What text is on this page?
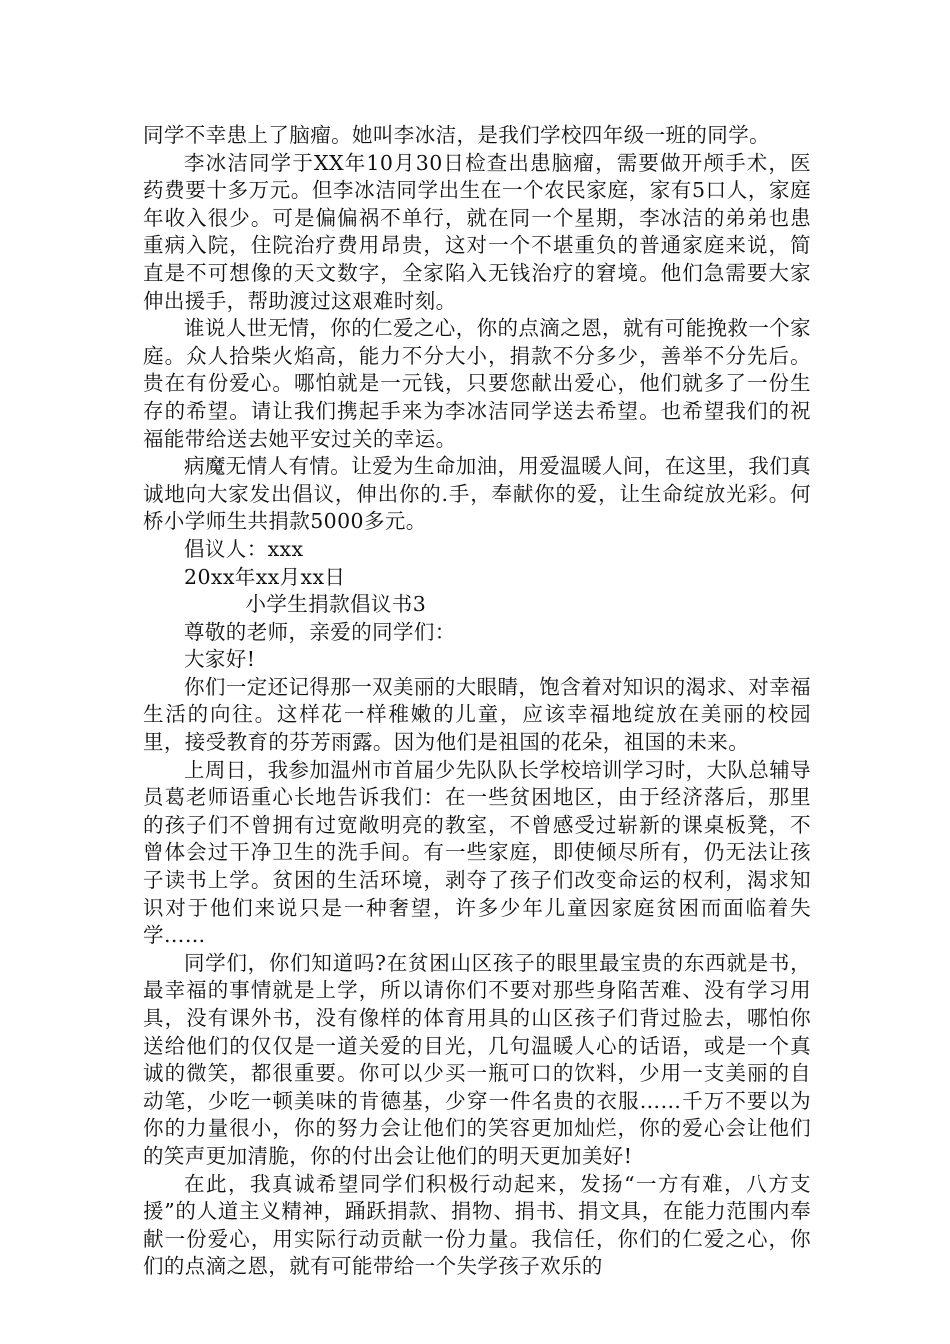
同学不幸患上了脑瘤。她叫李冰洁，是我们学校四年级一班的同学。

李冰洁同学于XX年10月30日检查出患脑瘤，需要做开颅手术，医药费要十多万元。但李冰洁同学出生在一个农民家庭，家有5口人，家庭年收入很少。可是偏偏祸不单行，就在同一个星期，李冰洁的弟弟也患重病入院，住院治疗费用昂贵，这对一个不堪重负的普通家庭来说，简直是不可想像的天文数字，全家陷入无钱治疗的窘境。他们急需要大家伸出援手，帮助渡过这艰难时刻。

谁说人世无情，你的仁爱之心，你的点滴之恩，就有可能挽救一个家庭。众人拾柴火焰高，能力不分大小，捐款不分多少，善举不分先后。贵在有份爱心。哪怕就是一元钱，只要您献出爱心，他们就多了一份生存的希望。请让我们携起手来为李冰洁同学送去希望。也希望我们的祝福能带给送去她平安过关的幸运。

病魔无情人有情。让爱为生命加油，用爱温暖人间，在这里，我们真诚地向大家发出倡议，伸出你的.手，奉献你的爱，让生命绽放光彩。何桥小学师生共捐款5000多元。

倡议人：xxx

20xx年xx月xx日

小学生捐款倡议书3

尊敬的老师，亲爱的同学们：

大家好!

你们一定还记得那一双美丽的大眼睛，饱含着对知识的渴求、对幸福生活的向往。这样花一样稚嫩的儿童，应该幸福地绽放在美丽的校园里，接受教育的芬芳雨露。因为他们是祖国的花朵，祖国的未来。

上周日，我参加温州市首届少先队队长学校培训学习时，大队总辅导员葛老师语重心长地告诉我们：在一些贫困地区，由于经济落后，那里的孩子们不曾拥有过宽敞明亮的教室，不曾感受过崭新的课桌板凳，不曾体会过干净卫生的洗手间。有一些家庭，即使倾尽所有，仍无法让孩子读书上学。贫困的生活环境，剥夺了孩子们改变命运的权利，渴求知识对于他们来说只是一种奢望，许多少年儿童因家庭贫困而面临着失学……

同学们，你们知道吗?在贫困山区孩子的眼里最宝贵的东西就是书，最幸福的事情就是上学，所以请你们不要对那些身陷苦难、没有学习用具，没有课外书，没有像样的体育用具的山区孩子们背过脸去，哪怕你送给他们的仅仅是一道关爱的目光，几句温暖人心的话语，或是一个真诚的微笑，都很重要。你可以少买一瓶可口的饮料，少用一支美丽的自动笔，少吃一顿美味的肯德基，少穿一件名贵的衣服……千万不要以为你的力量很小，你的努力会让他们的笑容更加灿烂，你的爱心会让他们的笑声更加清脆，你的付出会让他们的明天更加美好!

在此，我真诚希望同学们积极行动起来，发扬“一方有难，八方支援”的人道主义精神，踊跃捐款、捐物、捐书、捐文具，在能力范围内奉献一份爱心，用实际行动贡献一份力量。我信任，你们的仁爱之心，你们的点滴之恩，就有可能带给一个失学孩子欢乐的
